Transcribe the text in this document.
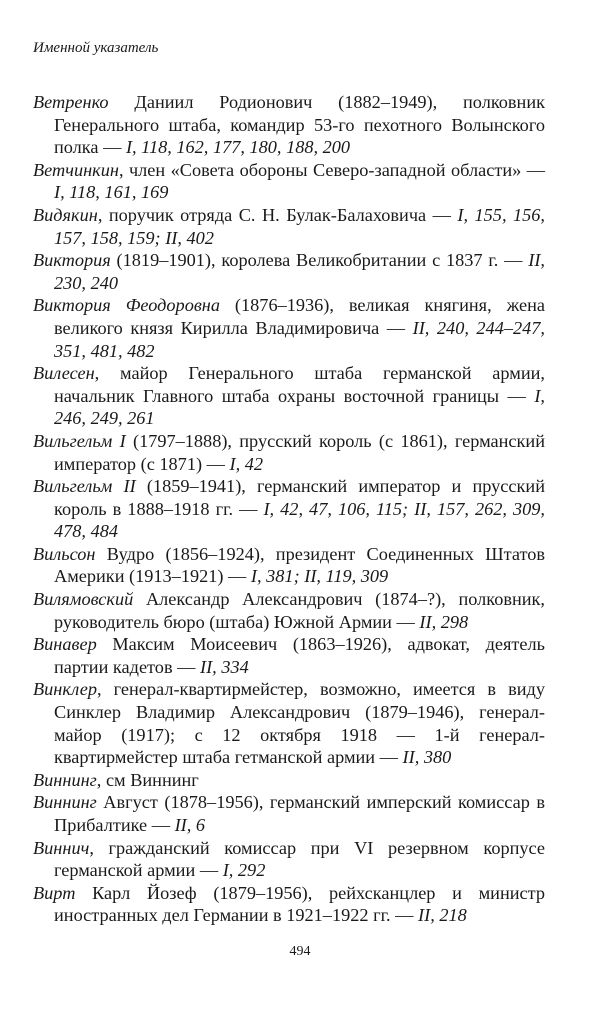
Именной указатель
Ветренко Даниил Родионович (1882–1949), полковник Генерального штаба, командир 53-го пехотного Волынского полка — I, 118, 162, 177, 180, 188, 200
Ветчинкин, член «Совета обороны Северо-западной области» — I, 118, 161, 169
Видякин, поручик отряда С. Н. Булак-Балаховича — I, 155, 156, 157, 158, 159; II, 402
Виктория (1819–1901), королева Великобритании с 1837 г. — II, 230, 240
Виктория Феодоровна (1876–1936), великая княгиня, жена великого князя Кирилла Владимировича — II, 240, 244–247, 351, 481, 482
Вилесен, майор Генерального штаба германской армии, начальник Главного штаба охраны восточной границы — I, 246, 249, 261
Вильгельм I (1797–1888), прусский король (с 1861), германский император (с 1871) — I, 42
Вильгельм II (1859–1941), германский император и прусский король в 1888–1918 гг. — I, 42, 47, 106, 115; II, 157, 262, 309, 478, 484
Вильсон Вудро (1856–1924), президент Соединенных Штатов Америки (1913–1921) — I, 381; II, 119, 309
Вилямовский Александр Александрович (1874–?), полковник, руководитель бюро (штаба) Южной Армии — II, 298
Винавер Максим Моисеевич (1863–1926), адвокат, деятель партии кадетов — II, 334
Винклер, генерал-квартирмейстер, возможно, имеется в виду Синклер Владимир Александрович (1879–1946), генерал-майор (1917); с 12 октября 1918 — 1-й генерал-квартирмейстер штаба гетманской армии — II, 380
Виннинг, см Виннинг
Виннинг Август (1878–1956), германский имперский комиссар в Прибалтике — II, 6
Виннич, гражданский комиссар при VI резервном корпусе германской армии — I, 292
Вирт Карл Йозеф (1879–1956), рейхсканцлер и министр иностранных дел Германии в 1921–1922 гг. — II, 218
494
